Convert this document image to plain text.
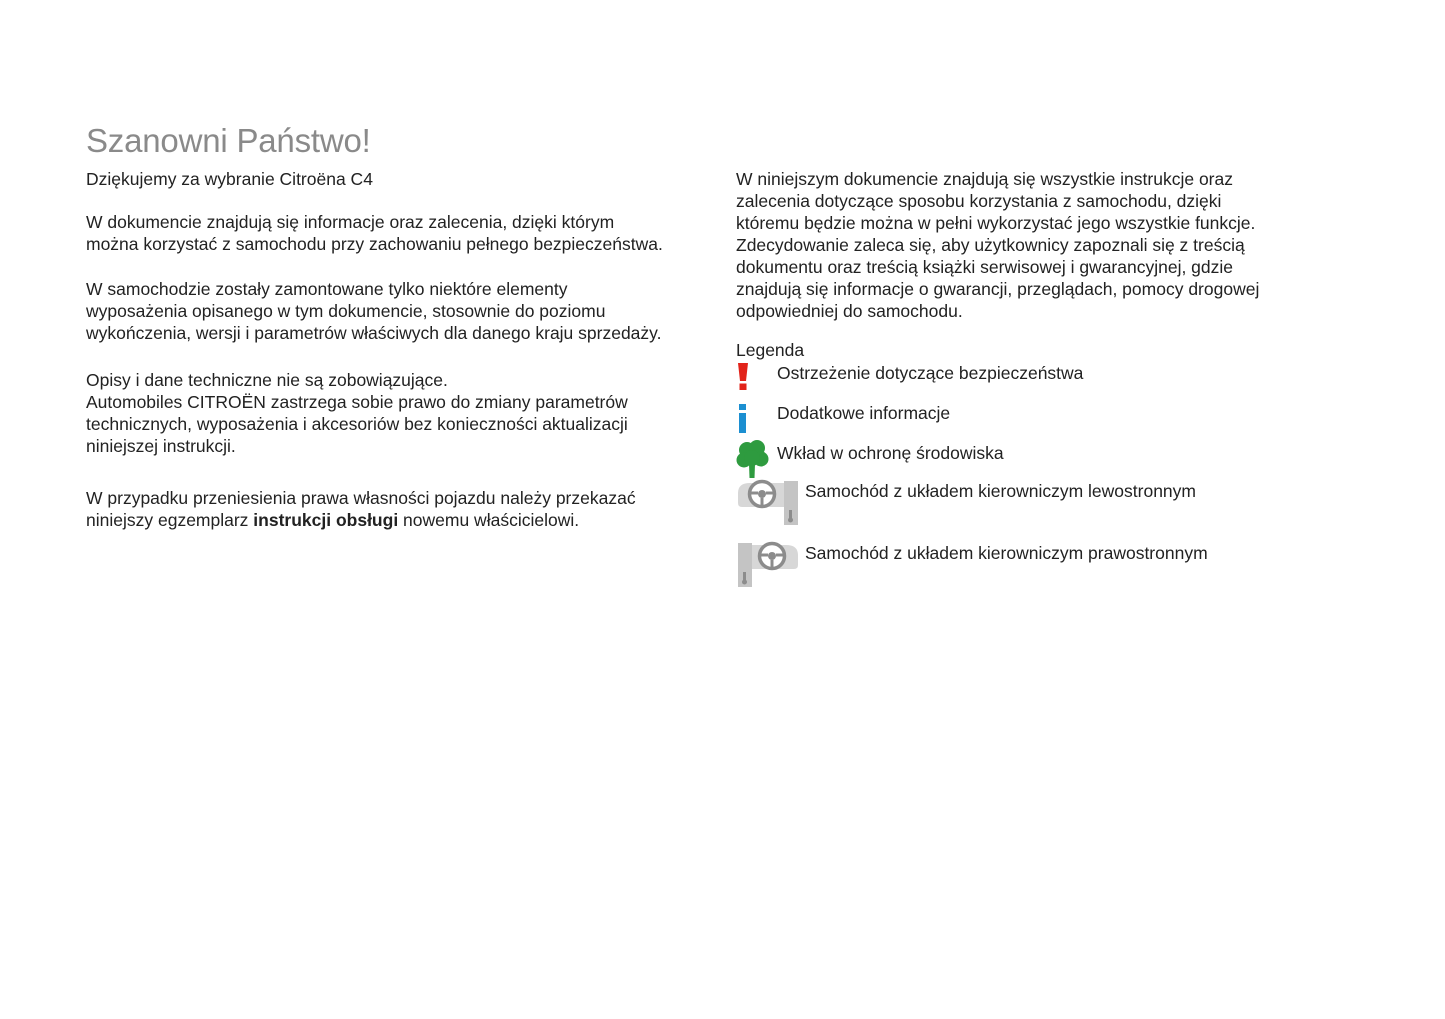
Szanowni Państwo!

Dziękujemy za wybranie Citroëna C4

W dokumencie znajdują się informacje oraz zalecenia, dzięki którym
można korzystać z samochodu przy zachowaniu pełnego bezpieczeństwa.

W samochodzie zostały zamontowane tylko niektóre elementy
wyposażenia opisanego w tym dokumencie, stosownie do poziomu
wykończenia, wersji i parametrów właściwych dla danego kraju sprzedaży.

Opisy i dane techniczne nie są zobowiązujące.
Automobiles CITROËN zastrzega sobie prawo do zmiany parametrów
technicznych, wyposażenia i akcesoriów bez konieczności aktualizacji
niniejszej instrukcji.

W przypadku przeniesienia prawa własności pojazdu należy przekazać
niniejszy egzemplarz instrukcji obsługi nowemu właścicielowi.

W niniejszym dokumencie znajdują się wszystkie instrukcje oraz
zalecenia dotyczące sposobu korzystania z samochodu, dzięki
któremu będzie można w pełni wykorzystać jego wszystkie funkcje.
Zdecydowanie zaleca się, aby użytkownicy zapoznali się z treścią
dokumentu oraz treścią książki serwisowej i gwarancyjnej, gdzie
znajdują się informacje o gwarancji, przeglądach, pomocy drogowej
odpowiedniej do samochodu.

Legenda

Ostrzeżenie dotyczące bezpieczeństwa
Dodatkowe informacje
Wkład w ochronę środowiska
Samochód z układem kierowniczym lewostronnym
Samochód z układem kierowniczym prawostronnym
